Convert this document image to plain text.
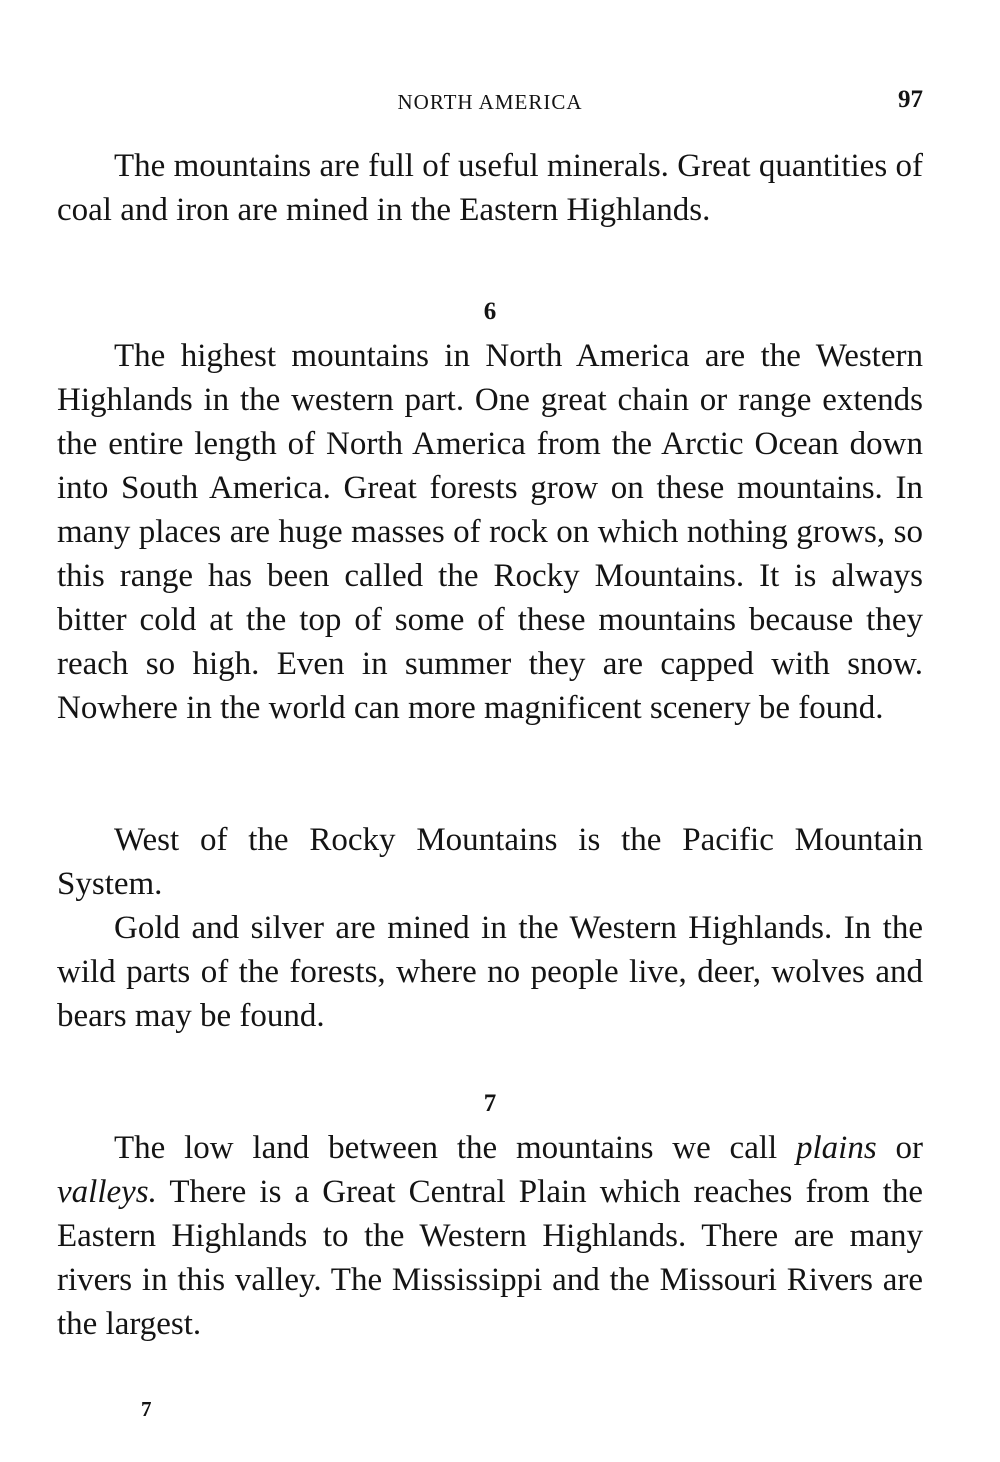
NORTH AMERICA	97

The mountains are full of useful minerals. Great quantities of coal and iron are mined in the Eastern Highlands.

6

The highest mountains in North America are the Western Highlands in the western part. One great chain or range extends the entire length of North America from the Arctic Ocean down into South America. Great forests grow on these mountains. In many places are huge masses of rock on which nothing grows, so this range has been called the Rocky Mountains. It is always bitter cold at the top of some of these mountains because they reach so high. Even in summer they are capped with snow. Nowhere in the world can more magnificent scenery be found.

West of the Rocky Mountains is the Pacific Mountain System.

Gold and silver are mined in the Western Highlands. In the wild parts of the forests, where no people live, deer, wolves and bears may be found.

7

The low land between the mountains we call plains or valleys. There is a Great Central Plain which reaches from the Eastern Highlands to the Western Highlands. There are many rivers in this valley. The Mississippi and the Missouri Rivers are the largest.

7
